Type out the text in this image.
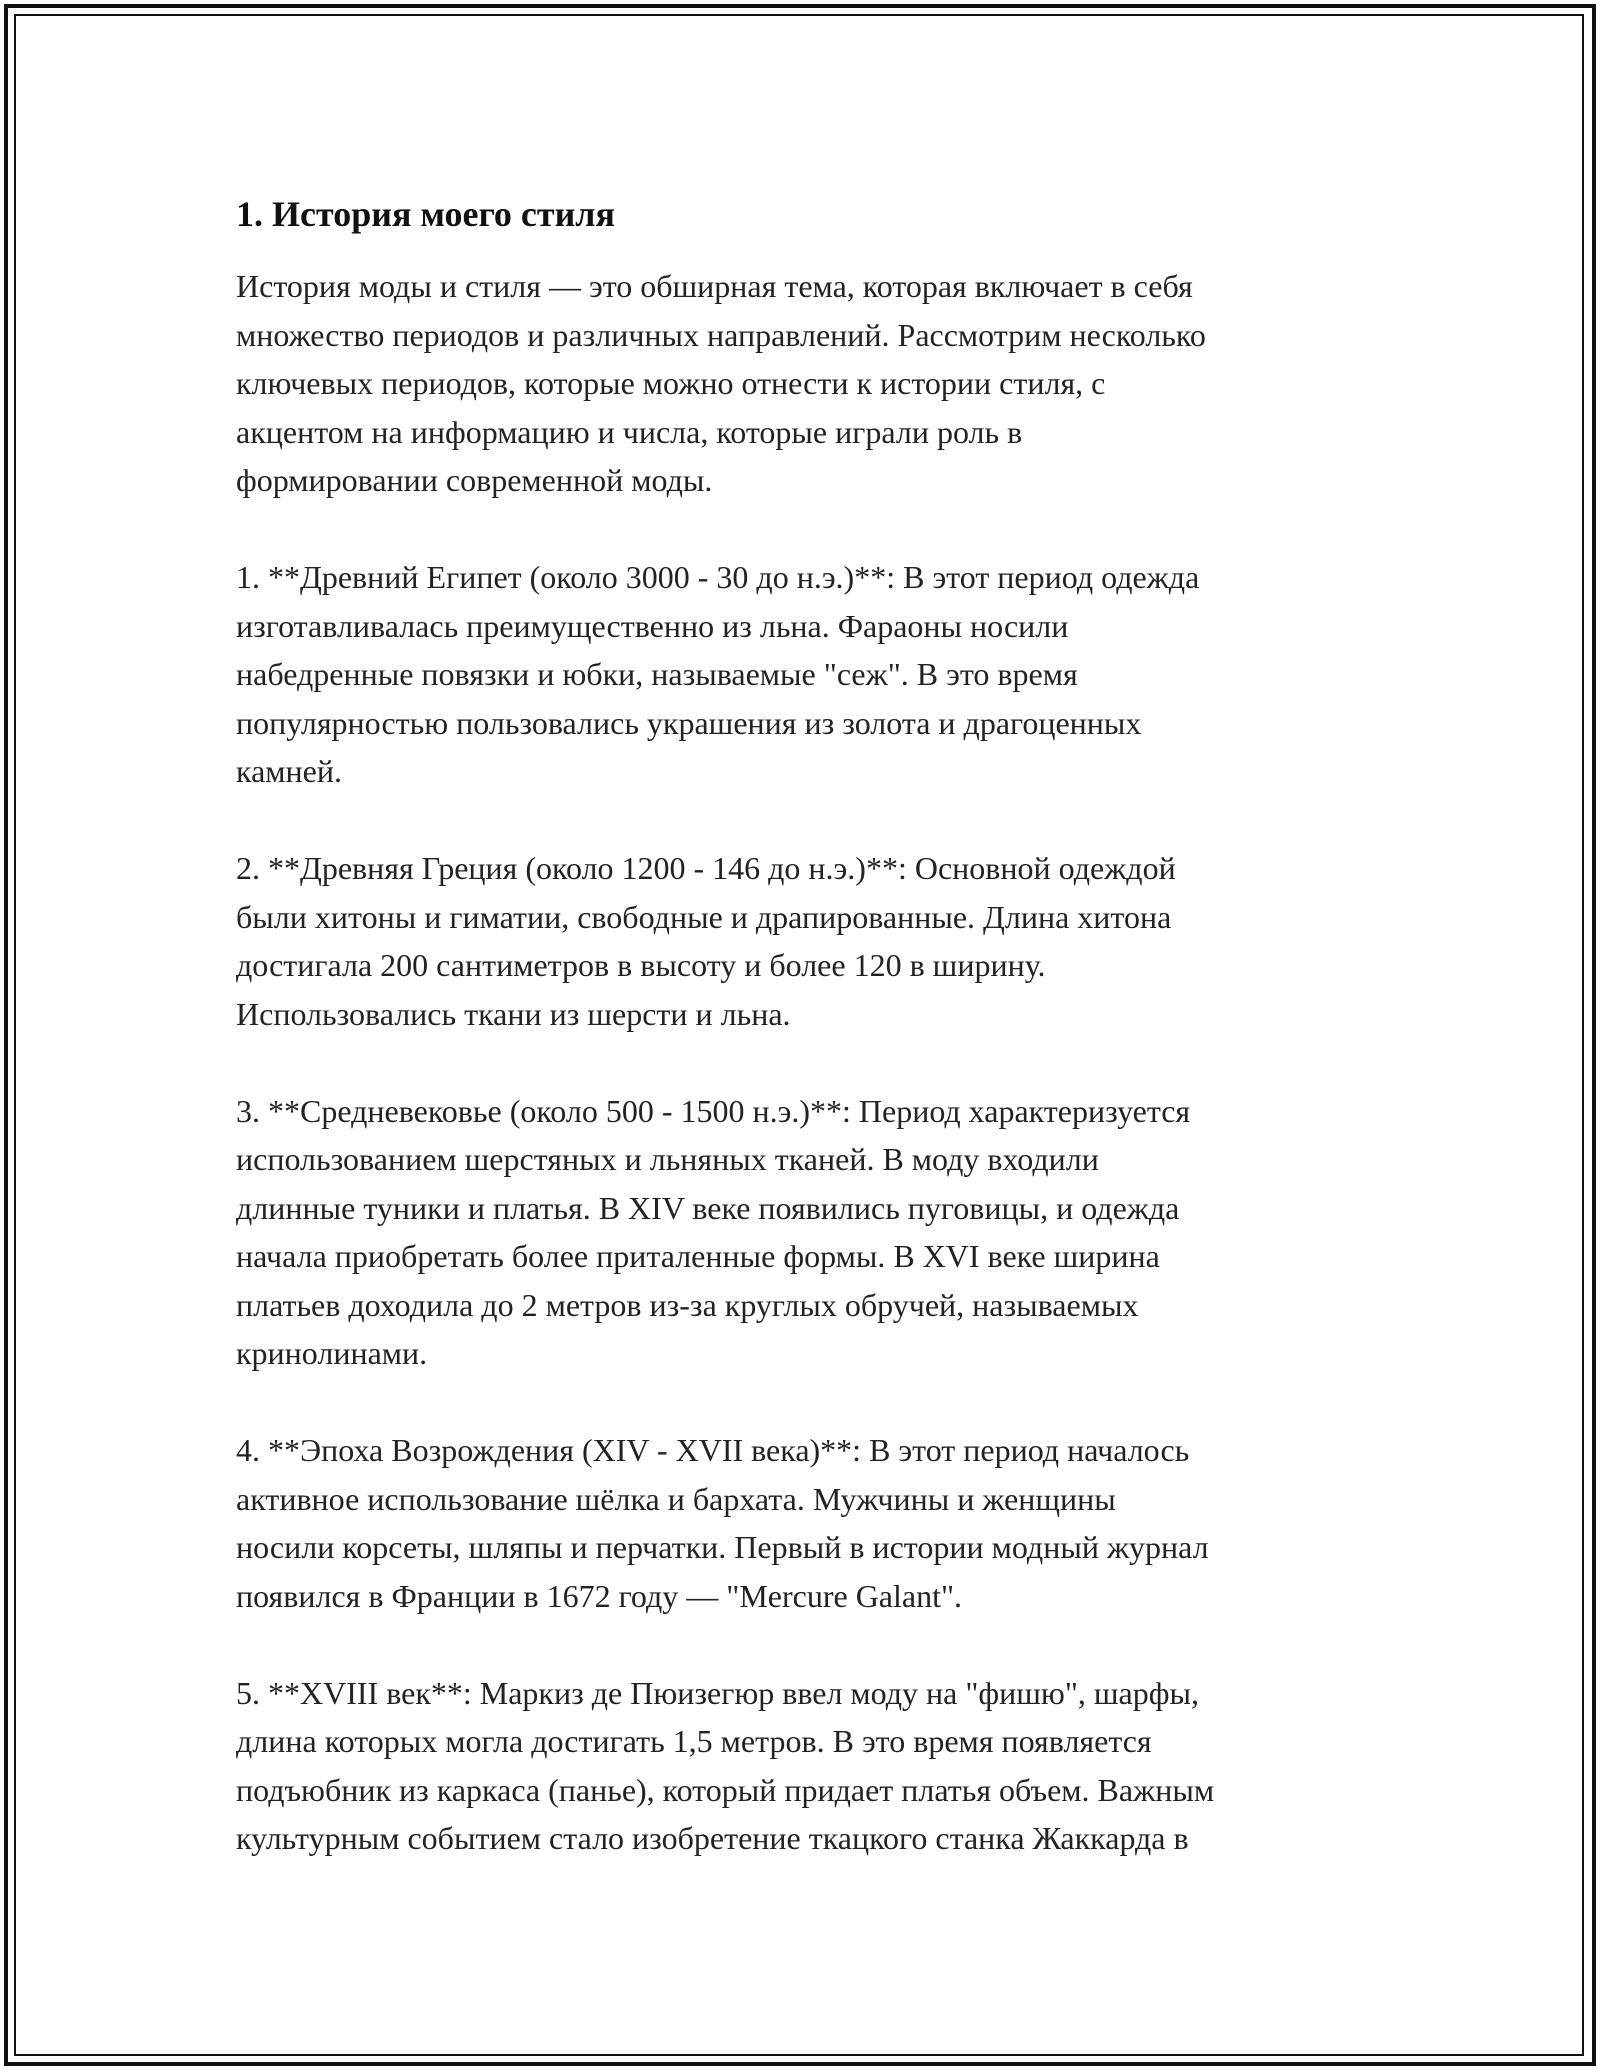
1. История моего стиля

История моды и стиля — это обширная тема, которая включает в себя
множество периодов и различных направлений. Рассмотрим несколько
ключевых периодов, которые можно отнести к истории стиля, с
акцентом на информацию и числа, которые играли роль в
формировании современной моды.

1. **Древний Египет (около 3000 - 30 до н.э.)**: В этот период одежда
изготавливалась преимущественно из льна. Фараоны носили
набедренные повязки и юбки, называемые "сеж". В это время
популярностью пользовались украшения из золота и драгоценных
камней.

2. **Древняя Греция (около 1200 - 146 до н.э.)**: Основной одеждой
были хитоны и гиматии, свободные и драпированные. Длина хитона
достигала 200 сантиметров в высоту и более 120 в ширину.
Использовались ткани из шерсти и льна.

3. **Средневековье (около 500 - 1500 н.э.)**: Период характеризуется
использованием шерстяных и льняных тканей. В моду входили
длинные туники и платья. В XIV веке появились пуговицы, и одежда
начала приобретать более приталенные формы. В XVI веке ширина
платьев доходила до 2 метров из-за круглых обручей, называемых
кринолинами.

4. **Эпоха Возрождения (XIV - XVII века)**: В этот период началось
активное использование шёлка и бархата. Мужчины и женщины
носили корсеты, шляпы и перчатки. Первый в истории модный журнал
появился в Франции в 1672 году — "Mercure Galant".

5. **XVIII век**: Маркиз де Пюизегюр ввел моду на "фишю", шарфы,
длина которых могла достигать 1,5 метров. В это время появляется
подъюбник из каркаса (панье), который придает платья объем. Важным
культурным событием стало изобретение ткацкого станка Жаккарда в
